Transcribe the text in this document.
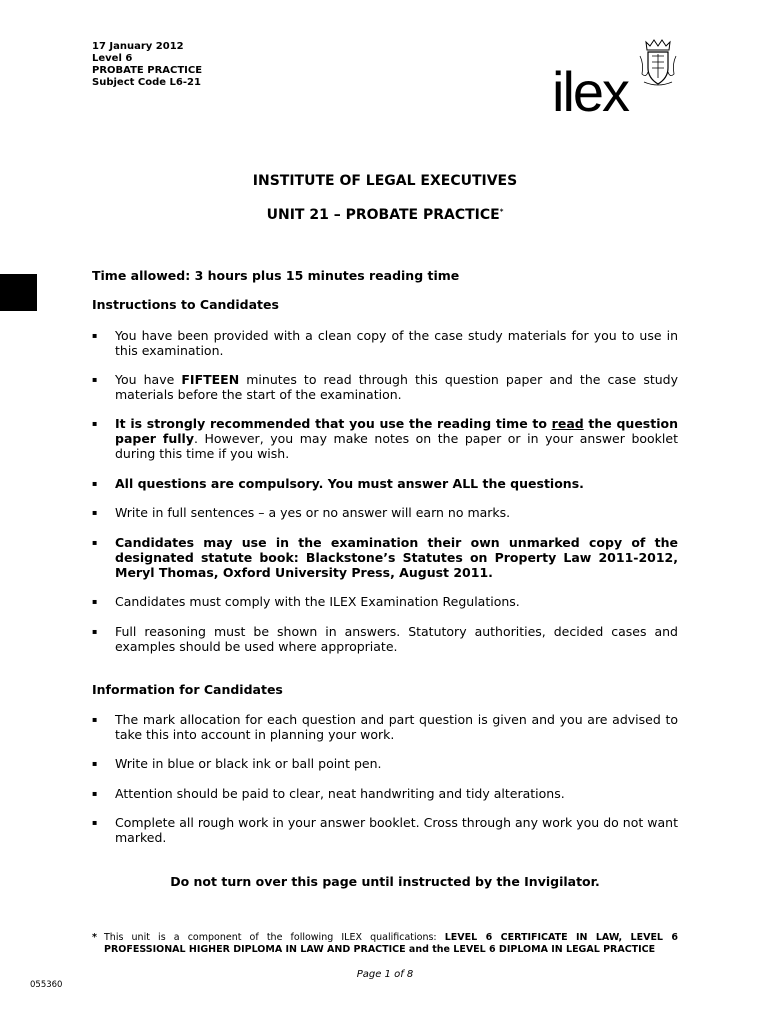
17 January 2012
Level 6
PROBATE PRACTICE
Subject Code L6-21	ilex
INSTITUTE OF LEGAL EXECUTIVES
UNIT 21 – PROBATE PRACTICE*
Time allowed: 3 hours plus 15 minutes reading time
Instructions to Candidates
▪ You have been provided with a clean copy of the case study materials for you to use in this examination.
▪ You have FIFTEEN minutes to read through this question paper and the case study materials before the start of the examination.
▪ It is strongly recommended that you use the reading time to read the question paper fully. However, you may make notes on the paper or in your answer booklet during this time if you wish.
▪ All questions are compulsory. You must answer ALL the questions.
▪ Write in full sentences – a yes or no answer will earn no marks.
▪ Candidates may use in the examination their own unmarked copy of the designated statute book: Blackstone’s Statutes on Property Law 2011-2012, Meryl Thomas, Oxford University Press, August 2011.
▪ Candidates must comply with the ILEX Examination Regulations.
▪ Full reasoning must be shown in answers. Statutory authorities, decided cases and examples should be used where appropriate.
Information for Candidates
▪ The mark allocation for each question and part question is given and you are advised to take this into account in planning your work.
▪ Write in blue or black ink or ball point pen.
▪ Attention should be paid to clear, neat handwriting and tidy alterations.
▪ Complete all rough work in your answer booklet. Cross through any work you do not want marked.
Do not turn over this page until instructed by the Invigilator.
* This unit is a component of the following ILEX qualifications: LEVEL 6 CERTIFICATE IN LAW, LEVEL 6 PROFESSIONAL HIGHER DIPLOMA IN LAW AND PRACTICE and the LEVEL 6 DIPLOMA IN LEGAL PRACTICE
Page 1 of 8
055360
